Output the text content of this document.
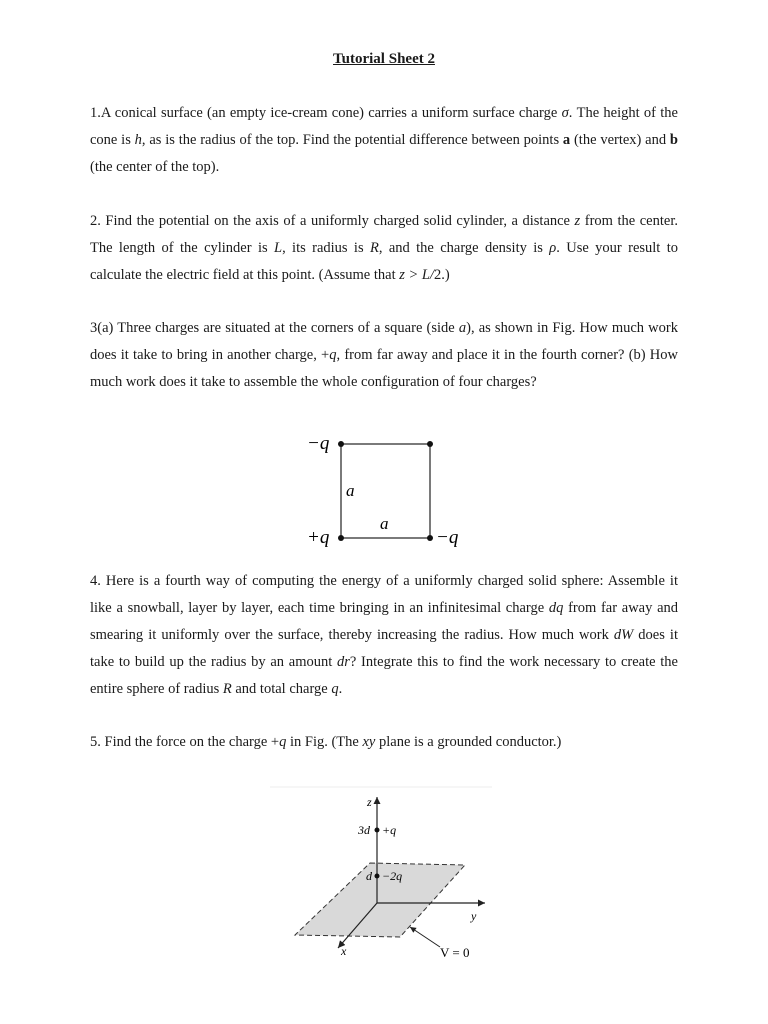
Tutorial Sheet 2

1.A conical surface (an empty ice-cream cone) carries a uniform surface charge σ. The height of the cone is h, as is the radius of the top. Find the potential difference between points a (the vertex) and b (the center of the top).

2. Find the potential on the axis of a uniformly charged solid cylinder, a distance z from the center. The length of the cylinder is L, its radius is R, and the charge density is ρ. Use your result to calculate the electric field at this point. (Assume that z > L/2.)

3(a) Three charges are situated at the corners of a square (side a), as shown in Fig. How much work does it take to bring in another charge, +q, from far away and place it in the fourth corner? (b) How much work does it take to assemble the whole configuration of four charges?

−q
+q	−q
a
a

4. Here is a fourth way of computing the energy of a uniformly charged solid sphere: Assemble it like a snowball, layer by layer, each time bringing in an infinitesimal charge dq from far away and smearing it uniformly over the surface, thereby increasing the radius. How much work dW does it take to build up the radius by an amount dr? Integrate this to find the work necessary to create the entire sphere of radius R and total charge q.

5. Find the force on the charge +q in Fig. (The xy plane is a grounded conductor.)

z
y
x
3d +q
d −2q
V = 0
